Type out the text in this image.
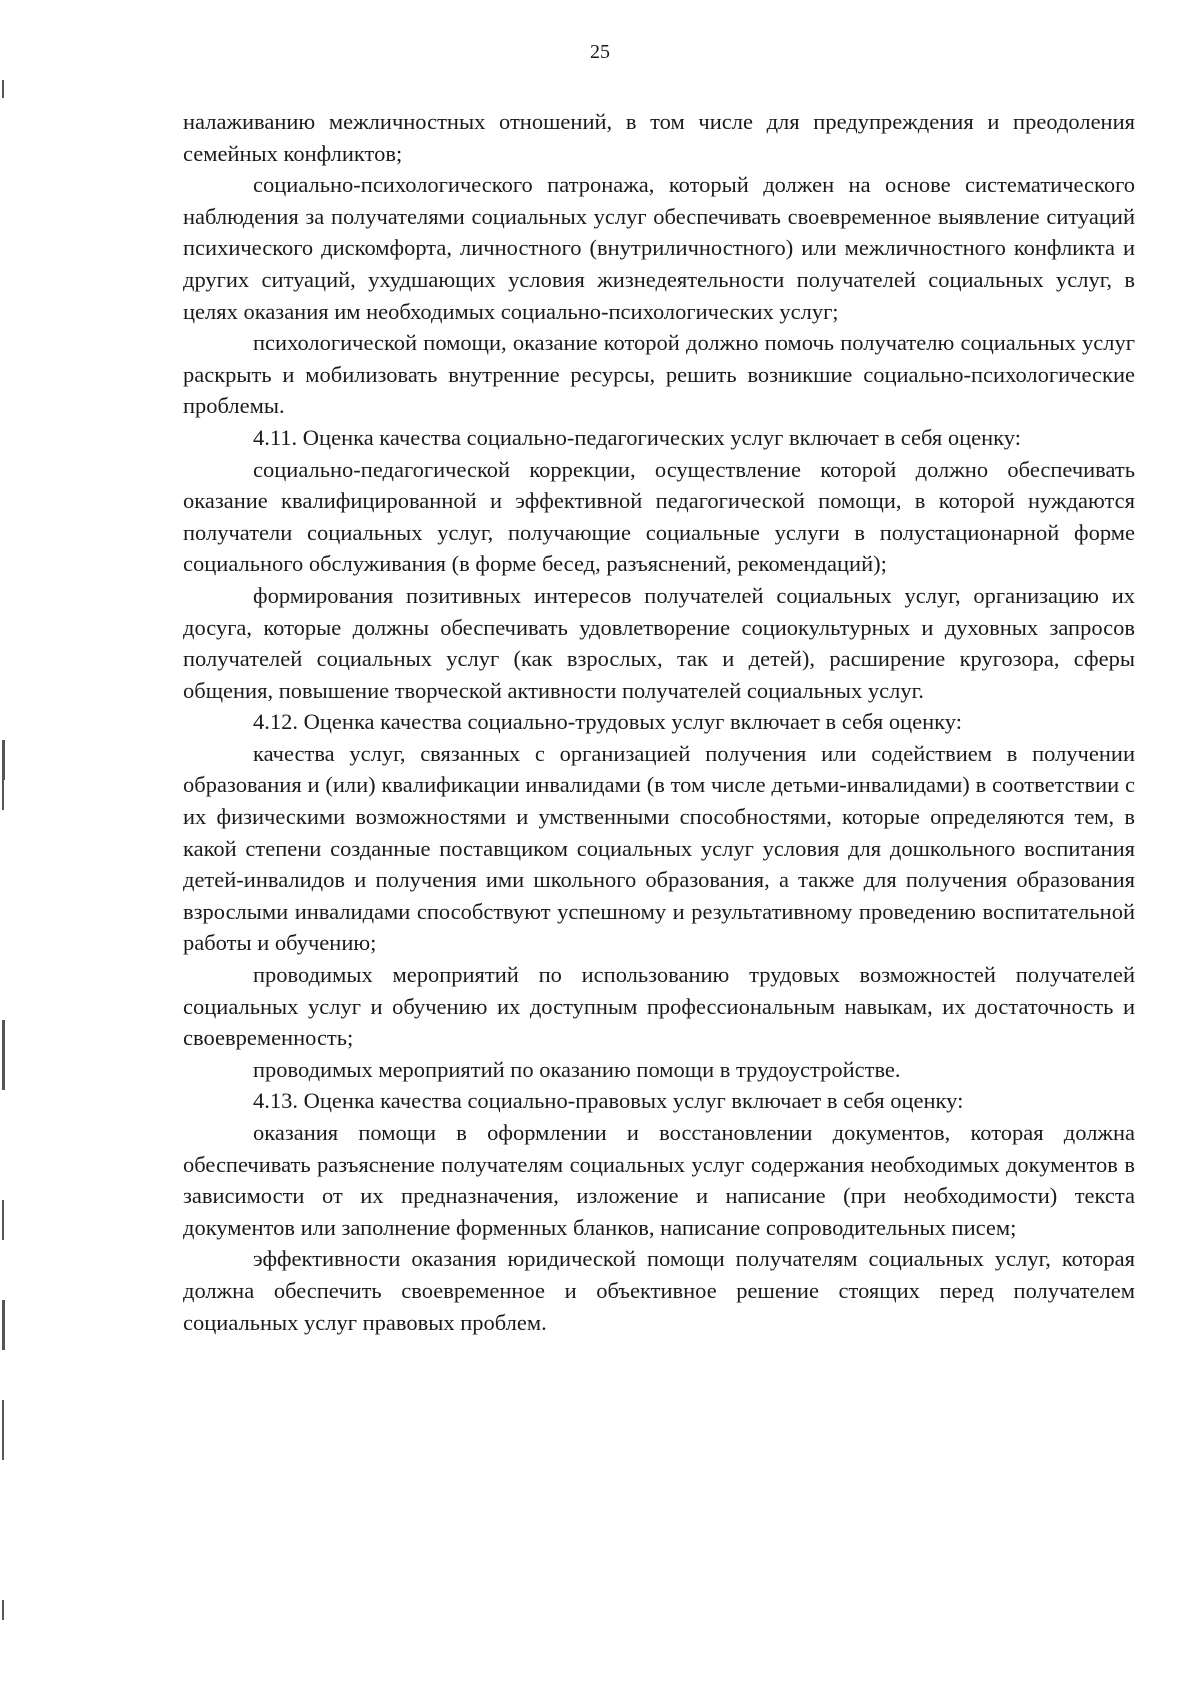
25

налаживанию межличностных отношений, в том числе для предупреждения и преодоления семейных конфликтов;

социально-психологического патронажа, который должен на основе систематического наблюдения за получателями социальных услуг обеспечивать своевременное выявление ситуаций психического дискомфорта, личностного (внутриличностного) или межличностного конфликта и других ситуаций, ухудшающих условия жизнедеятельности получателей социальных услуг, в целях оказания им необходимых социально-психологических услуг;

психологической помощи, оказание которой должно помочь получателю социальных услуг раскрыть и мобилизовать внутренние ресурсы, решить возникшие социально-психологические проблемы.

4.11. Оценка качества социально-педагогических услуг включает в себя оценку:

социально-педагогической коррекции, осуществление которой должно обеспечивать оказание квалифицированной и эффективной педагогической помощи, в которой нуждаются получатели социальных услуг, получающие социальные услуги в полустационарной форме социального обслуживания (в форме бесед, разъяснений, рекомендаций);

формирования позитивных интересов получателей социальных услуг, организацию их досуга, которые должны обеспечивать удовлетворение социокультурных и духовных запросов получателей социальных услуг (как взрослых, так и детей), расширение кругозора, сферы общения, повышение творческой активности получателей социальных услуг.

4.12. Оценка качества социально-трудовых услуг включает в себя оценку:

качества услуг, связанных с организацией получения или содействием в получении образования и (или) квалификации инвалидами (в том числе детьми-инвалидами) в соответствии с их физическими возможностями и умственными способностями, которые определяются тем, в какой степени созданные поставщиком социальных услуг условия для дошкольного воспитания детей-инвалидов и получения ими школьного образования, а также для получения образования взрослыми инвалидами способствуют успешному и результативному проведению воспитательной работы и обучению;

проводимых мероприятий по использованию трудовых возможностей получателей социальных услуг и обучению их доступным профессиональным навыкам, их достаточность и своевременность;

проводимых мероприятий по оказанию помощи в трудоустройстве.

4.13. Оценка качества социально-правовых услуг включает в себя оценку:

оказания помощи в оформлении и восстановлении документов, которая должна обеспечивать разъяснение получателям социальных услуг содержания необходимых документов в зависимости от их предназначения, изложение и написание (при необходимости) текста документов или заполнение форменных бланков, написание сопроводительных писем;

эффективности оказания юридической помощи получателям социальных услуг, которая должна обеспечить своевременное и объективное решение стоящих перед получателем социальных услуг правовых проблем.
